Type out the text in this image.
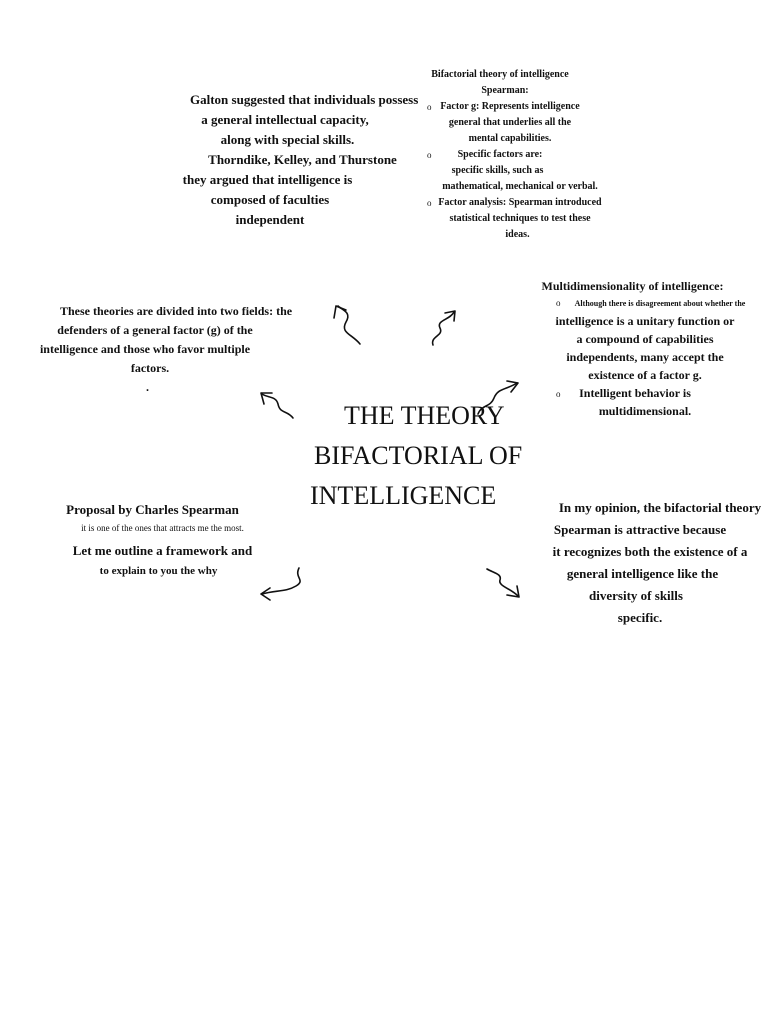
Galton suggested that individuals possess
a general intellectual capacity,
along with special skills.
Thorndike, Kelley, and Thurstone
they argued that intelligence is
composed of faculties
independent
Bifactorial theory of intelligence
Spearman:
Factor g: Represents intelligence
general that underlies all the
mental capabilities.
Specific factors are:
specific skills, such as
mathematical, mechanical or verbal.
Factor analysis: Spearman introduced
statistical techniques to test these
ideas.
o
o
o
These theories are divided into two fields: the
defenders of a general factor (g) of the
intelligence and those who favor multiple
factors.
.
Multidimensionality of intelligence:
Although there is disagreement about whether the
intelligence is a unitary function or
a compound of capabilities
independents, many accept the
existence of a factor g.
Intelligent behavior is
multidimensional.
o
o
THE THEORY
BIFACTORIAL OF
INTELLIGENCE
Proposal by Charles Spearman
it is one of the ones that attracts me the most.
Let me outline a framework and
to explain to you the why
In my opinion, the bifactorial theory
Spearman is attractive because
it recognizes both the existence of a
general intelligence like the
diversity of skills
specific.
